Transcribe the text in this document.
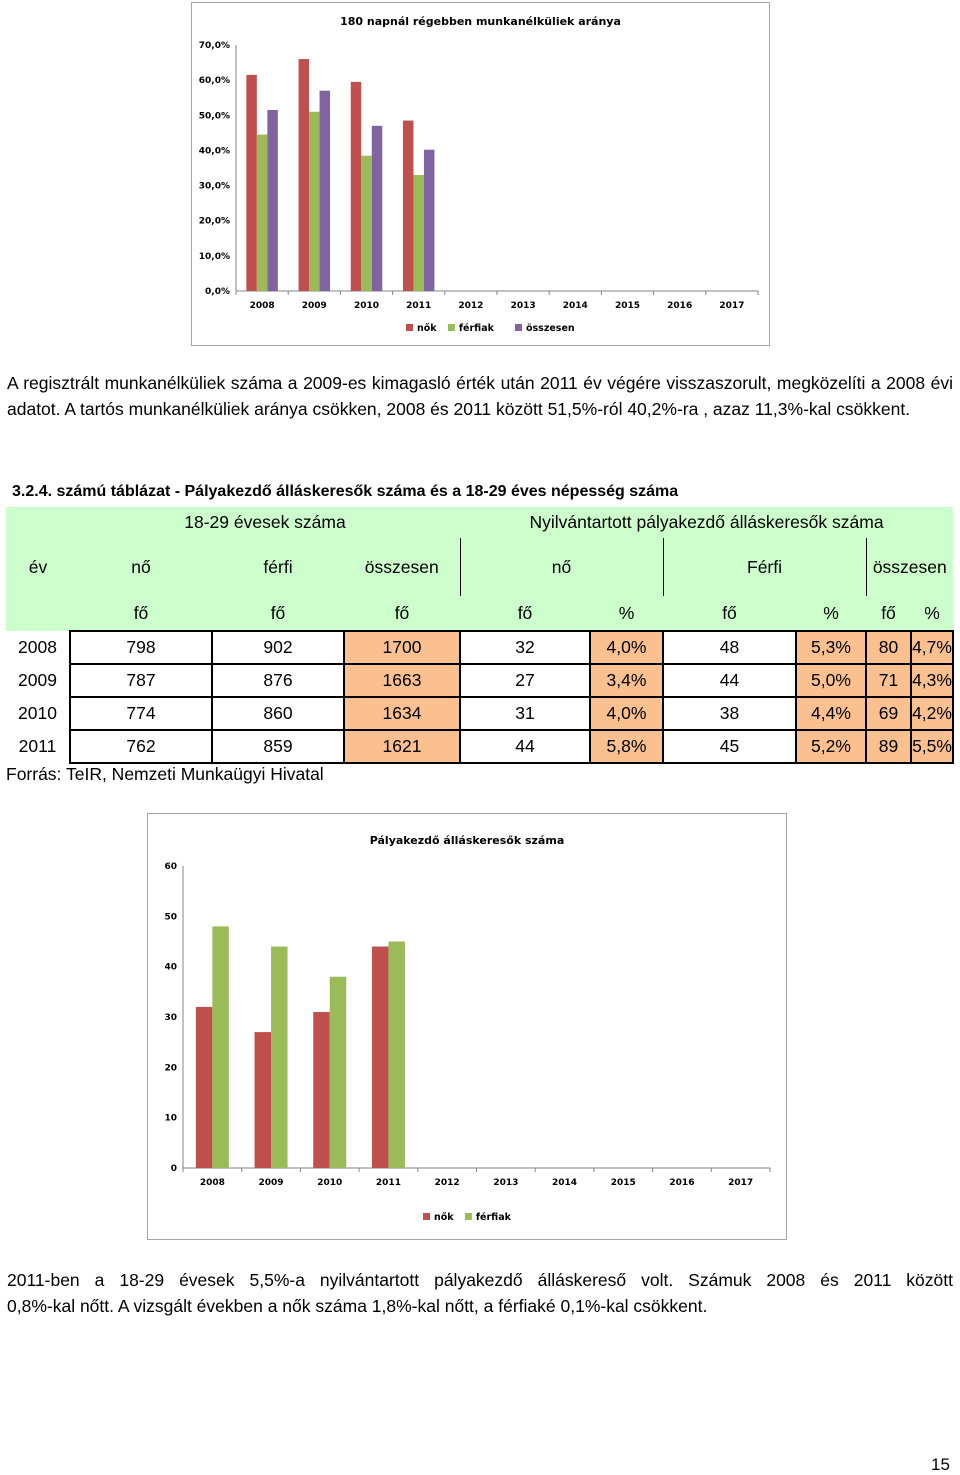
180 napnál régebben munkanélküliek aránya
0,0%
10,0%
20,0%
30,0%
40,0%
50,0%
60,0%
70,0%
2008	2009	2010	2011	2012	2013	2014	2015	2016	2017
nők férfiak	összesen
A regisztrált munkanélküliek száma a 2009-es kimagasló érték után 2011 év végére visszaszorult, megközelíti a 2008 évi adatot. A tartós munkanélküliek aránya csökken, 2008 és 2011 között 51,5%-ról 40,2%-ra , azaz 11,3%-kal csökkent.
3.2.4. számú táblázat - Pályakezdő álláskeresők száma és a 18-29 éves népesség száma
	18-29 évesek száma			Nyilvántartott pályakezdő álláskeresők száma					
év	nő	férfi	összesen	nő		Férfi		összesen	
	fő	fő	fő	fő	%	fő	%	fő	%
2008	798	902	1700	32	4,0%	48	5,3%	80	4,7%
2009	787	876	1663	27	3,4%	44	5,0%	71	4,3%
2010	774	860	1634	31	4,0%	38	4,4%	69	4,2%
2011	762	859	1621	44	5,8%	45	5,2%	89	5,5%
Forrás: TeIR, Nemzeti Munkaügyi Hivatal
Pályakezdő álláskeresők száma
0
10
20
30
40
50
60
2008	2009	2010	2011	2012	2013	2014	2015	2016	2017
nők férfiak
2011-ben a 18-29 évesek 5,5%-a nyilvántartott pályakezdő álláskereső volt. Számuk 2008 és 2011 között
0,8%-kal nőtt. A vizsgált években a nők száma 1,8%-kal nőtt, a férfiaké 0,1%-kal csökkent.
15
